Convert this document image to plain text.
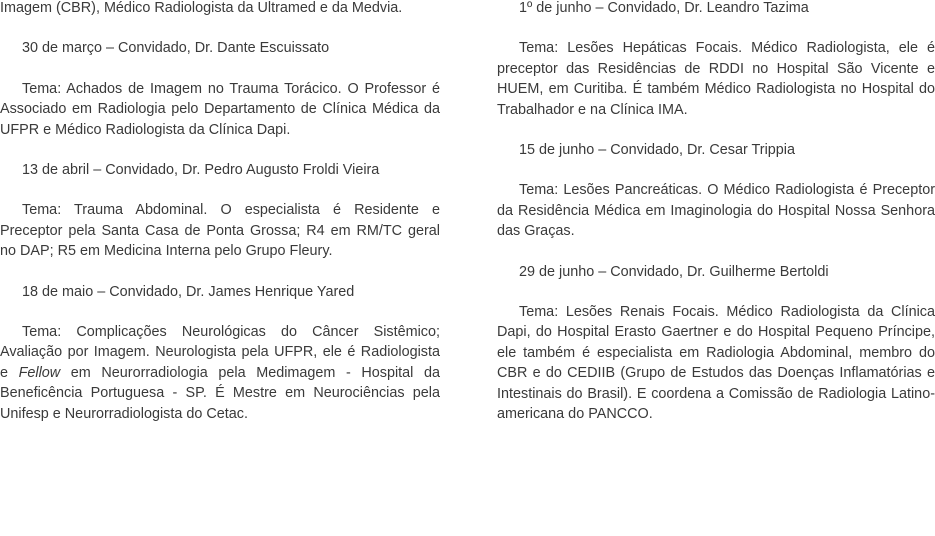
Imagem (CBR), Médico Radiologista da Ultramed e da Medvia.

30 de março – Convidado, Dr. Dante Escuissato

Tema: Achados de Imagem no Trauma Torácico. O Professor é Associado em Radiologia pelo Departamento de Clínica Médica da UFPR e Médico Radiologista da Clínica Dapi.

13 de abril – Convidado, Dr. Pedro Augusto Froldi Vieira

Tema: Trauma Abdominal. O especialista é Residente e Preceptor pela Santa Casa de Ponta Grossa; R4 em RM/TC geral no DAP; R5 em Medicina Interna pelo Grupo Fleury.

18 de maio – Convidado, Dr. James Henrique Yared

Tema: Complicações Neurológicas do Câncer Sistêmico; Avaliação por Imagem. Neurologista pela UFPR, ele é Radiologista e Fellow em Neurorradiologia pela Medimagem - Hospital da Beneficência Portuguesa - SP. É Mestre em Neurociências pela Unifesp e Neurorradiologista do Cetac.

1º de junho – Convidado, Dr. Leandro Tazima

Tema: Lesões Hepáticas Focais. Médico Radiologista, ele é preceptor das Residências de RDDI no Hospital São Vicente e HUEM, em Curitiba. É também Médico Radiologista no Hospital do Trabalhador e na Clínica IMA.

15 de junho – Convidado, Dr. Cesar Trippia

Tema: Lesões Pancreáticas. O Médico Radiologista é Preceptor da Residência Médica em Imaginologia do Hospital Nossa Senhora das Graças.

29 de junho – Convidado, Dr. Guilherme Bertoldi

Tema: Lesões Renais Focais. Médico Radiologista da Clínica Dapi, do Hospital Erasto Gaertner e do Hospital Pequeno Príncipe, ele também é especialista em Radiologia Abdominal, membro do CBR e do CEDIIB (Grupo de Estudos das Doenças Inflamatórias e Intestinais do Brasil). E coordena a Comissão de Radiologia Latino-americana do PANCCO.
